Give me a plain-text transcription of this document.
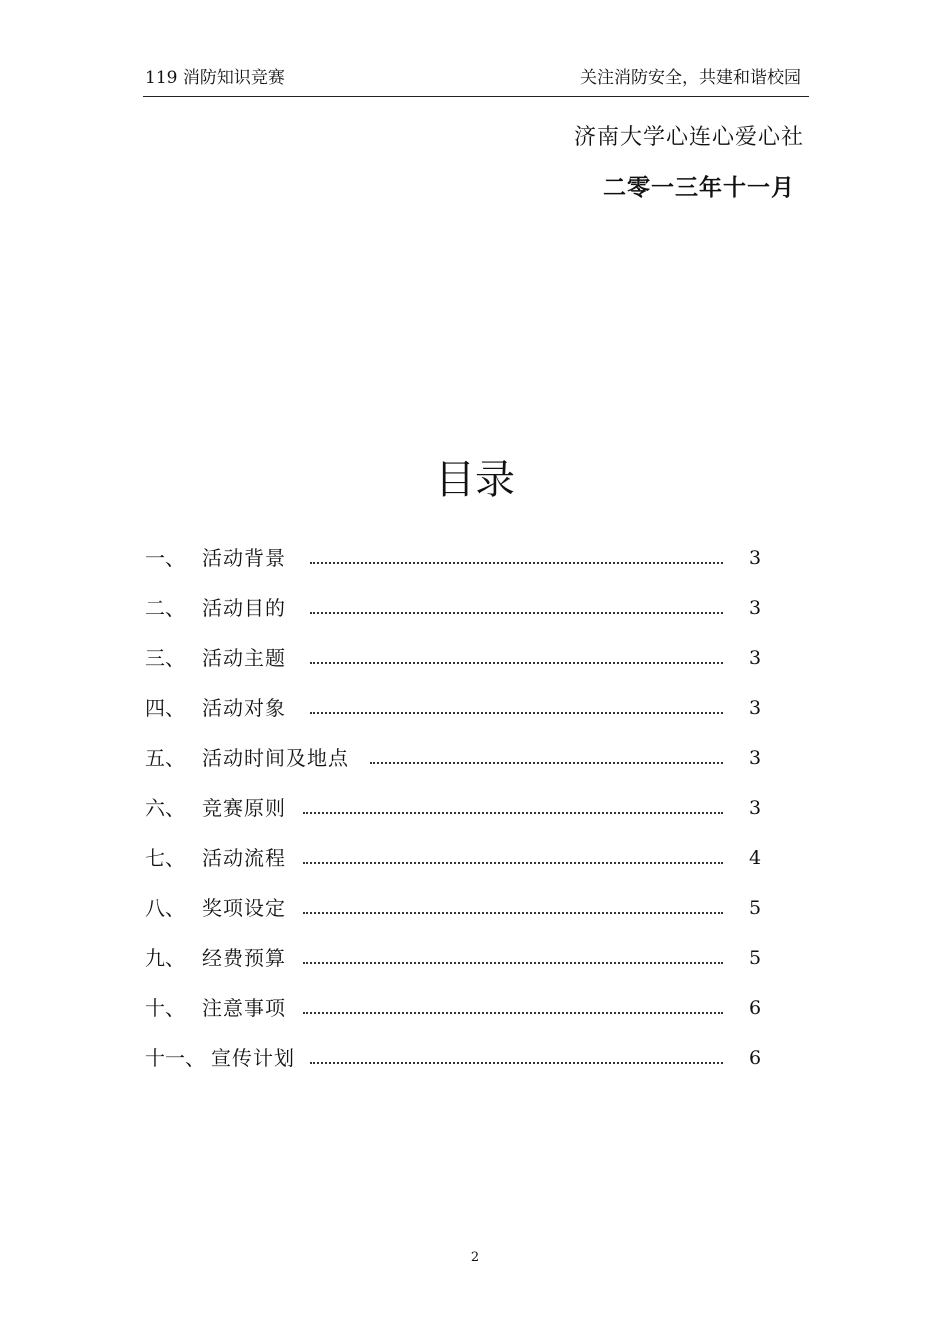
119 消防知识竞赛	关注消防安全，共建和谐校园
济南大学心连心爱心社
二零一三年十一月
目录
一、 活动背景	3
二、 活动目的	3
三、 活动主题	3
四、 活动对象	3
五、 活动时间及地点	3
六、 竞赛原则	3
七、 活动流程	4
八、 奖项设定	5
九、 经费预算	5
十、 注意事项	6
十一、 宣传计划	6
2
